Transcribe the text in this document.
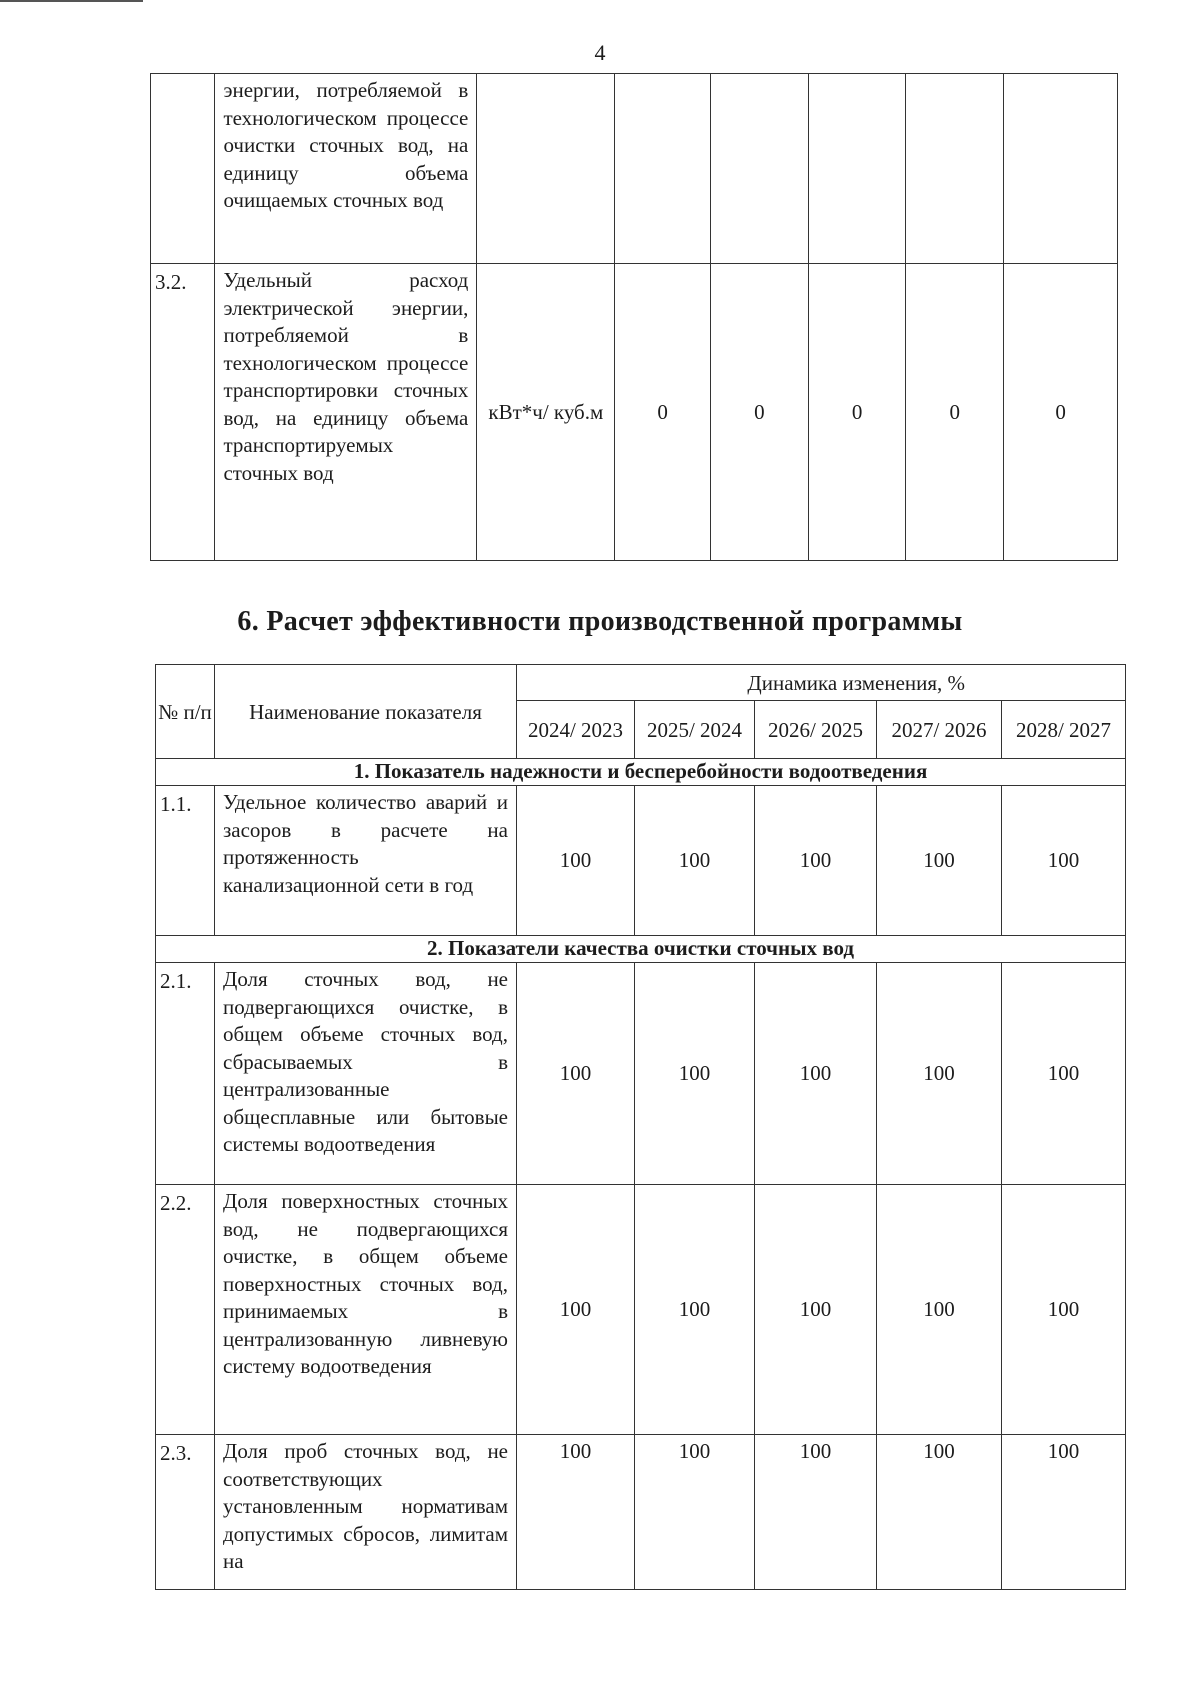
4
	энергии, потребляемой в технологическом процессе очистки сточных вод, на единицу объема очищаемых сточных вод						
3.2.	Удельный расход электрической энергии, потребляемой в технологическом процессе транспортировки сточных вод, на единицу объема транспортируемых сточных вод	кВт*ч/ куб.м	0	0	0	0	0
6. Расчет эффективности производственной программы
№ п/п	Наименование показателя	Динамика изменения, %				
		2024/ 2023	2025/ 2024	2026/ 2025	2027/ 2026	2028/ 2027
1. Показатель надежности и бесперебойности водоотведения						
1.1.	Удельное количество аварий и засоров в расчете на протяженность канализационной сети в год	100	100	100	100	100
2. Показатели качества очистки сточных вод						
2.1.	Доля сточных вод, не подвергающихся очистке, в общем объеме сточных вод, сбрасываемых в централизованные общесплавные или бытовые системы водоотведения	100	100	100	100	100
2.2.	Доля поверхностных сточных вод, не подвергающихся очистке, в общем объеме поверхностных сточных вод, принимаемых в централизованную ливневую систему водоотведения	100	100	100	100	100
2.3.	Доля проб сточных вод, не соответствующих установленным нормативам допустимых сбросов, лимитам на	100	100	100	100	100
